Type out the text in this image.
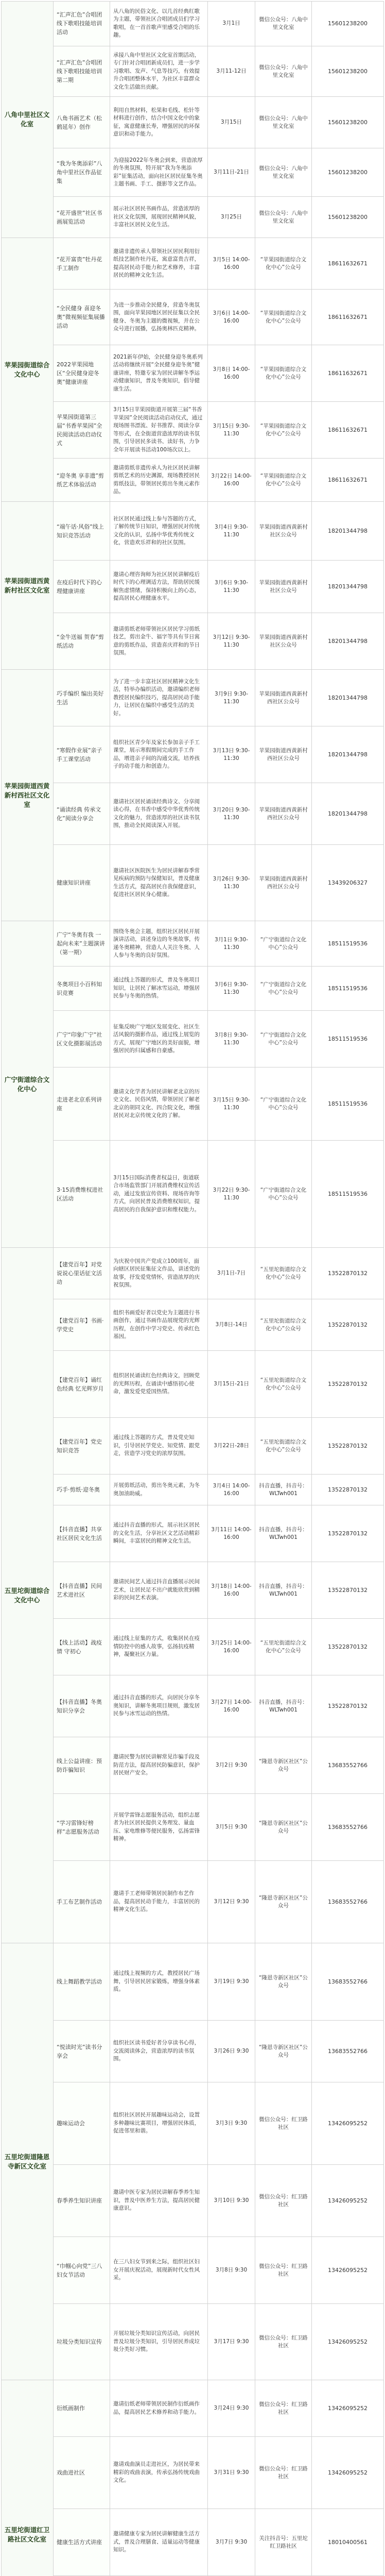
八角中里社区文化室
苹果园街道综合文化中心
苹果园街道西黄新村社区文化室
苹果园街道西黄新村西社区文化室
广宁街道综合文化中心
五里坨街道综合文化中心
五里坨街道隆恩寺新区文化室
五里坨街道红卫路社区文化室
“汇声汇色”合唱团线下歌唱技能培训活动
从八角的民俗文化、以几首经典红歌为主题，带领社区合唱团成员们学习歌唱，在一首首歌声里感受合唱的乐趣。
3月1日
微信公众号：八角中里文化室
15601238200
“汇声汇色”合唱团线下歌唱技能培训第二期
承接八角中里社区文化室首期活动，专门针对合唱团新成员们，进一步学习歌唱、发声、气息等技巧，有效提升合唱团整体水平，为社区丰富群众文化生活做出贡献。
3月11-12日
微信公众号：八角中里文化室
15601238200
八角书画艺术（松鹤延年）创作
利用自然材料，松果和毛线、松针等材料进行创作，结合中国文化中的象征，寓意健康长寿，增强居民的环保意识和动手能力。
3月15日
微信公众号：八角中里文化室
15601238200
“我为冬奥添彩”八角中里社区作品征集
为迎接2022年冬奥会到来，营造浓厚的冬奥氛围，特开展“我为冬奥添彩”征集活动，面向社区居民征集冬奥主题书画、手工、摄影等文艺作品。
3月11日-21日
微信公众号：八角中里文化室
15601238200
“花开盛世”社区书画展览活动
展示社区居民书画作品，营造浓厚的社区文化氛围，展现居民精神风貌，丰富社区居民文化生活。
3月25日
微信公众号：八角中里文化室
15601238200
“花开富贵”牡丹花手工制作
邀请非遗传承人带领社区居民利用衍纸技艺制作牡丹花，寓意富贵吉祥，提高居民动手能力和艺术修养，丰富居民的精神文化生活。
3月5日 14:00-16:00
“苹果园街道综合文化中心”公众号
18611632671
“全民健身 喜迎冬奥”微视频征集展播活动
为进一步推动全民健身，营造冬奥氛围，面向苹果园地区居民征集以全民健身、冬奥为主题的微视频，并在公众号进行展播，弘扬奥林匹克精神。
3月6日 14:00-16:00
“苹果园街道综合文化中心”公众号
18611632671
2022苹果园地区“全民健身迎冬奥”健康讲座
2021新年伊始，全民健身迎冬奥系列活动将继续开展“全民健身迎冬奥”健康讲座，特邀专家为居民讲解冬季运动健康知识，普及冬奥知识，倡导健康生活。
3月8日 14:00-16:00
“苹果园街道综合文化中心”公众号
18611632671
苹果园街道第三届“书香苹果园”全民阅读活动启动仪式
3月15日苹果园街道开展第三届“书香苹果园”全民阅读活动启动仪式，通过现场图书漂流、好书推荐、阅读分享等形式，在全街道营造浓厚的读书氛围，引导居民多读书、读好书，力争全年开展读书活动100场次以上。
3月15日 9:30-11:30
“苹果园街道综合文化中心”公众号
18611632671
“迎冬奥 享非遗”剪纸艺术体验活动
邀请剪纸非遗传承人为社区居民讲解剪纸艺术的历史渊源，现场教授居民剪纸技法，带领居民剪出冬奥元素作品。
3月22日 14:00-16:00
“苹果园街道综合文化中心”公众号
18611632671
“端午话·风俗”线上知识竞答活动
社区居民通过线上参与答题的方式，了解传统节日知识，增强居民对传统文化的认识，弘扬中华优秀传统文化，营造欢乐祥和的社区氛围。
3月4日 9:30-11:30
苹果园街道西黄新村社区公众号
18201344798
在疫后时代下的心理健康讲座
邀请心理咨询师为社区居民讲解疫后时代下的心理调适方法，帮助居民缓解焦虑情绪，保持积极向上的心态，提高居民心理健康水平。
3月6日 9:30-11:30
苹果园街道西黄新村社区公众号
18201344798
“金牛送福 贺春”剪纸活动
邀请剪纸老师带领社区居民学习剪纸技艺，剪出金牛、福字等具有节日寓意的剪纸作品，营造喜庆祥和的节日氛围。
3月12日 9:30-11:30
苹果园街道西黄新村社区公众号
18201344798
巧手编织 编出美好生活
为了进一步丰富社区居民精神文化生活，特举办编织活动，邀请编织老师教授居民编织技巧，提高居民动手能力，让居民在编织中感受生活的美好。
3月9日 9:30-11:30
苹果园街道西黄新村西社区公众号
18201344798
“寒假作业展”亲子手工课堂活动
组织社区青少年及家长参加亲子手工课堂，展示寒假期间完成的手工作品，增进亲子间的沟通交流，培养孩子的动手能力和创造力。
3月13日 9:30-11:30
苹果园街道西黄新村西社区公众号
18201344798
“诵读经典 传承文化”阅读分享会
邀请社区居民诵读经典诗文、分享阅读心得，在书香中感受中华优秀传统文化的魅力，营造浓厚的社区读书氛围，推动全民阅读深入开展。
3月20日 9:30-11:30
苹果园街道西黄新村西社区公众号
18201344798
健康知识讲座
邀请社区医院医生为居民讲解春季常见疾病的预防与保健知识，普及健康生活方式，提高居民自我保健意识，促进社区居民身心健康。
3月26日 9:30-11:30
苹果园街道西黄新村西社区公众号
13439206327
广宁“冬奥有我 一起向未来”主题演讲（第一期）
围绕冬奥会主题，组织社区居民开展演讲活动，讲述身边的冬奥故事，传递冬奥精神，营造人人关注冬奥、人人参与冬奥的良好氛围。
3月1日 9:30-11:30
“广宁街道综合文化中心”公众号
18511519536
冬奥项目小百科知识竞赛
通过线上答题的形式，普及冬奥项目知识，让居民了解冰雪运动，增强居民参与冬奥的热情。
3月6日 9:30-11:30
“广宁街道综合文化中心”公众号
18511519536
广宁“印象广宁”社区文化摄影展活动
征集反映广宁地区发展变化、社区生活风貌的摄影作品，通过线上展览的方式，展现广宁地区的美好面貌，增强居民的归属感和自豪感。
3月8日 9:30-11:30
“广宁街道综合文化中心”公众号
18511519536
走进老北京系列讲座
邀请文化学者为居民讲解老北京的历史文化、民俗风情，带领居民了解老北京的胡同文化、四合院文化，增强居民对北京传统文化的了解。
3月15日 9:30-11:30
“广宁街道综合文化中心”公众号
18511519536
3·15消费维权进社区活动
3月15日国际消费者权益日，街道联合市场监管部门开展消费维权宣传活动，通过发放宣传资料、现场咨询等方式，向居民普及消费维权知识，提高居民的自我保护意识和维权能力。
3月22日 9:30-11:30
“广宁街道综合文化中心”公众号
18511519536
【建党百年】对党说说心里话征文活动
为庆祝中国共产党成立100周年，面向辖区居民征集征文作品，讲述党的故事，抒发爱党情怀，营造浓厚的庆祝氛围。
3月1日-7日
“五里坨街道综合文化中心”公众号
13522870132
【建党百年】书画·学党史
组织书画爱好者以党史为主题进行书画创作，通过书画作品展现党的光辉历程，在创作中学习党史、传承红色基因。
3月8日-14日
“五里坨街道综合文化中心”公众号
13522870132
【建党百年】诵红色经典 忆光辉岁月
组织居民诵读红色经典诗文，回顾党的光辉历程，在诵读中感悟初心使命，激发爱党爱国热情。
3月15日-21日
“五里坨街道综合文化中心”公众号
13522870132
【建党百年】党史知识竞答
通过线上答题的方式，普及党史知识，引导居民学党史、知党情、跟党走，营造学习党史的浓厚氛围。
3月22日-28日
“五里坨街道综合文化中心”公众号
13522870132
巧手·剪纸·迎冬奥
开展剪纸活动，剪出冬奥元素，为冬奥加油助威。
3月4日 14:00-16:00
抖音直播，抖音号：WLTwh001
13522870132
【抖音直播】共享社区居民文化生活
通过抖音直播的形式，展示社区居民的文化生活，分享社区文艺活动精彩瞬间，丰富居民的精神文化生活。
3月11日 14:00-16:00
抖音直播，抖音号：WLTwh001
13522870132
【抖音直播】民间艺术进社区
邀请民间艺人通过抖音直播展示民间艺术，让居民足不出户就能欣赏到精彩的民间艺术表演。
3月18日 14:00-16:00
抖音直播，抖音号：WLTwh001
13522870132
【线上活动】战疫情 守初心
通过线上征集的方式，收集居民在疫情防控中的感人故事，弘扬抗疫精神，凝聚社区力量。
3月25日 14:00-16:00
“五里坨街道综合文化中心”公众号
13522870132
【抖音直播】冬奥知识分享会
通过抖音直播的形式，向居民分享冬奥知识，讲解冬奥项目规则，激发居民参与冰雪运动的热情。
3月27日 14:00-16:00
抖音直播，抖音号：WLTwh001
13522870132
线上公益讲座：预防诈骗知识
邀请民警为居民讲解常见诈骗手段及防范方法，提高居民防骗意识，保护居民财产安全。
3月2日 9:30
“隆恩寺新区社区”公众号
13683552766
“学习雷锋好榜样”志愿服务活动
开展学雷锋志愿服务活动，组织志愿者为社区居民提供义务理发、量血压、家电维修等便民服务，弘扬雷锋精神。
3月5日 9:30
“隆恩寺新区社区”公众号
13683552766
手工布艺制作活动
邀请手工老师带领居民制作布艺作品，提高居民动手能力，丰富居民的精神文化生活。
3月12日 9:30
“隆恩寺新区社区”公众号
13683552766
线上舞蹈教学活动
通过线上视频的方式，教授居民广场舞，引导居民居家锻炼，增强身体素质。
3月19日 9:30
“隆恩寺新区社区”公众号
13683552766
“悦读时光”读书分享会
组织社区读书爱好者分享读书心得，交流阅读体会，营造浓厚的读书氛围。
3月26日 9:30
“隆恩寺新区社区”公众号
13683552766
趣味运动会
组织社区居民开展趣味运动会，设置多种趣味比赛项目，增强居民体质，促进邻里和谐。
3月3日 9:30
微信公众号：红卫路社区
13426095252
春季养生知识讲座
邀请中医专家为居民讲解春季养生知识，普及中医养生方法，提高居民健康意识。
3月10日 9:30
微信公众号：红卫路社区
13426095252
“巾帼心向党”三八妇女节活动
在三八妇女节到来之际，组织社区妇女开展庆祝活动，展现新时代女性风采。
3月8日 9:30
微信公众号：红卫路社区
13426095252
垃圾分类知识宣传
开展垃圾分类知识宣传活动，向居民普及垃圾分类知识，引导居民养成垃圾分类好习惯。
3月17日 9:30
微信公众号：红卫路社区
13426095252
衍纸画制作
邀请衍纸老师带领居民制作衍纸画作品，提高居民艺术修养和动手能力。
3月24日 9:30
微信公众号：红卫路社区
13426095252
戏曲进社区
邀请戏曲演员走进社区，为居民带来精彩的戏曲表演，传承弘扬传统戏曲文化。
3月31日 9:30
微信公众号：红卫路社区
13426095252
健康生活方式讲座
邀请健康专家为居民讲解健康生活方式，普及合理膳食、适量运动等健康知识。
3月7日 9:30
关注抖音号：五里坨红卫路社区
18010400561
